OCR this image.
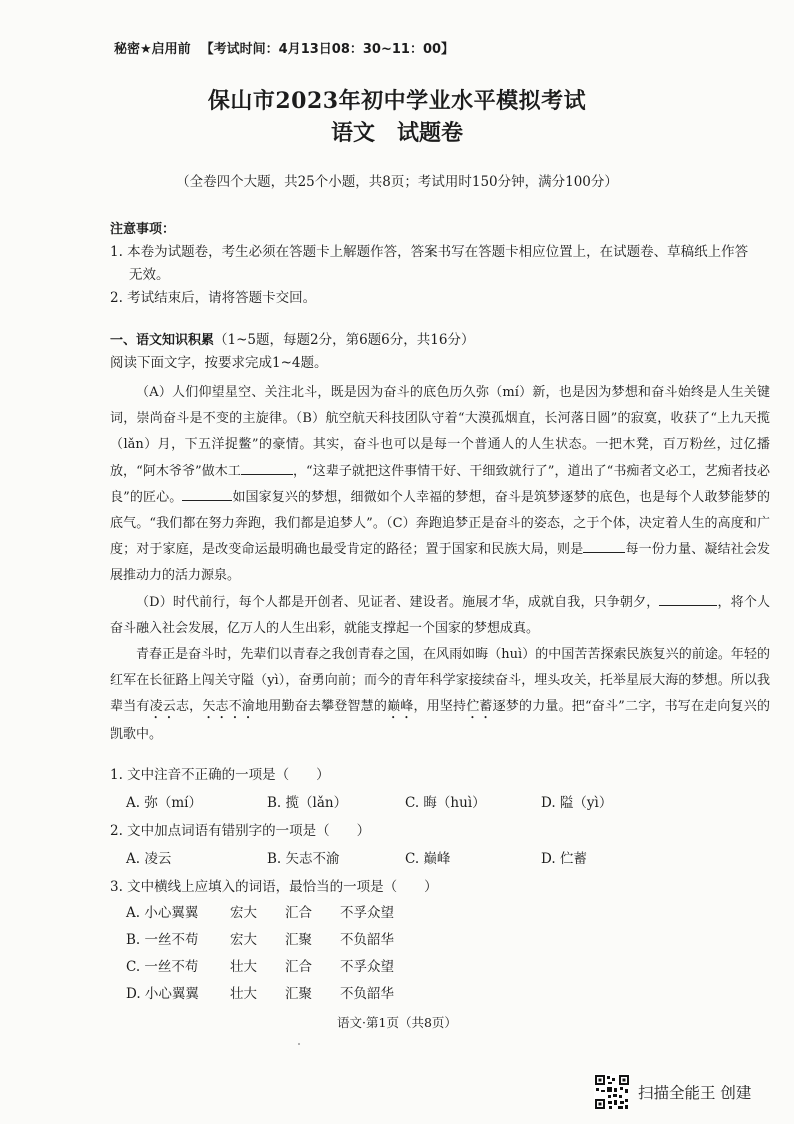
秘密★启用前 【考试时间：4月13日08：30~11：00】
保山市2023年初中学业水平模拟考试
语文 试题卷
（全卷四个大题，共25个小题，共8页；考试用时150分钟，满分100分）
注意事项：
1. 本卷为试题卷，考生必须在答题卡上解题作答，答案书写在答题卡相应位置上，在试题卷、草稿纸上作答
无效。
2. 考试结束后，请将答题卡交回。
一、语文知识积累（1~5题，每题2分，第6题6分，共16分）
阅读下面文字，按要求完成1~4题。

（A）人们仰望星空、关注北斗，既是因为奋斗的底色历久弥（mí）新，也是因为梦想和奋斗始终是人生关键词，崇尚奋斗是不变的主旋律。（B）航空航天科技团队守着“大漠孤烟直，长河落日圆”的寂寞，收获了“上九天揽（lǎn）月，下五洋捉鳖”的豪情。其实，奋斗也可以是每一个普通人的人生状态。一把木凳，百万粉丝，过亿播放，“阿木爷爷”做木工	，“这辈子就把这件事情干好、干细致就行了”，道出了“书痴者文必工，艺痴者技必良”的匠心。	如国家复兴的梦想，细微如个人幸福的梦想，奋斗是筑梦逐梦的底色，也是每个人敢梦能梦的底气。“我们都在努力奔跑，我们都是追梦人”。（C）奔跑追梦正是奋斗的姿态，之于个体，决定着人生的高度和广度；对于家庭，是改变命运最明确也最受肯定的路径；置于国家和民族大局，则是	每一份力量、凝结社会发展推动力的活力源泉。

（D）时代前行，每个人都是开创者、见证者、建设者。施展才华，成就自我，只争朝夕，	，将个人奋斗融入社会发展，亿万人的人生出彩，就能支撑起一个国家的梦想成真。

青春正是奋斗时，先辈们以青春之我创青春之国，在风雨如晦（huì）的中国苦苦探索民族复兴的前途。年轻的红军在长征路上闯关守隘（yì），奋勇向前；而今的青年科学家接续奋斗，埋头攻关，托举星辰大海的梦想。所以我辈当有凌云志，矢志不渝地用勤奋去攀登智慧的巅峰，用坚持伫蓄逐梦的力量。把“奋斗”二字，书写在走向复兴的凯歌中。

1. 文中注音不正确的一项是（　　）
A. 弥（mí）	B. 揽（lǎn）	C. 晦（huì）	D. 隘（yì）
2. 文中加点词语有错别字的一项是（　　）
A. 凌云	B. 矢志不渝	C. 巅峰	D. 伫蓄
3. 文中横线上应填入的词语，最恰当的一项是（　　）
A. 小心翼翼 宏大 汇合 不孚众望
B. 一丝不苟 宏大 汇聚 不负韶华
C. 一丝不苟 壮大 汇合 不孚众望
D. 小心翼翼 壮大 汇聚 不负韶华
语文·第1页（共8页）
扫描全能王 创建
